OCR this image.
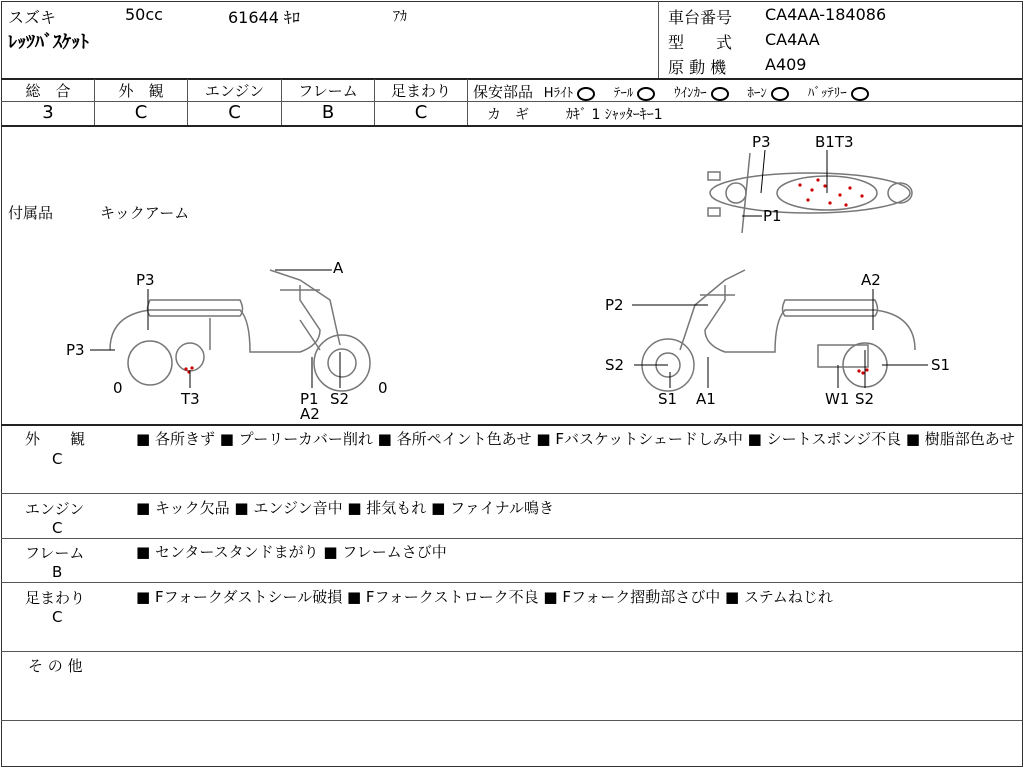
スズキ	50cc	61644 ｷﾛ	ｱｶ
ﾚｯﾂﾊﾞｽｹｯﾄ
車台番号 CA4AA-184086
型　　式 CA4AA
原 動 機 A409
総　合
3
外　観
C
エンジン
C
フレーム
B
足まわり
C
保安部品 Hﾗｲﾄ	ﾃｰﾙ	ｳｲﾝｶｰ	ﾎｰﾝ	ﾊﾞｯﾃﾘｰ
カ　ギ	ｶｷﾞ 1 ｼｬｯﾀｰｷｰ1
付属品	キックアーム
P3	B1T3
P1
A
P3
P3
0
T3	P1
A2
S2
0
P2
A2
S2
S1 A1	W1 S2
S1
外　　観
C
■ 各所きず ■ プーリーカバー削れ ■ 各所ペイント色あせ ■ Fバスケットシェードしみ中 ■ シートスポンジ不良 ■ 樹脂部色あせ
エンジン
C
■ キック欠品 ■ エンジン音中 ■ 排気もれ ■ ファイナル鳴き
フレーム
B
■ センタースタンドまがり ■ フレームさび中
足まわり
C
■ Fフォークダストシール破損 ■ Fフォークストローク不良 ■ Fフォーク摺動部さび中 ■ ステムねじれ
そ の 他
